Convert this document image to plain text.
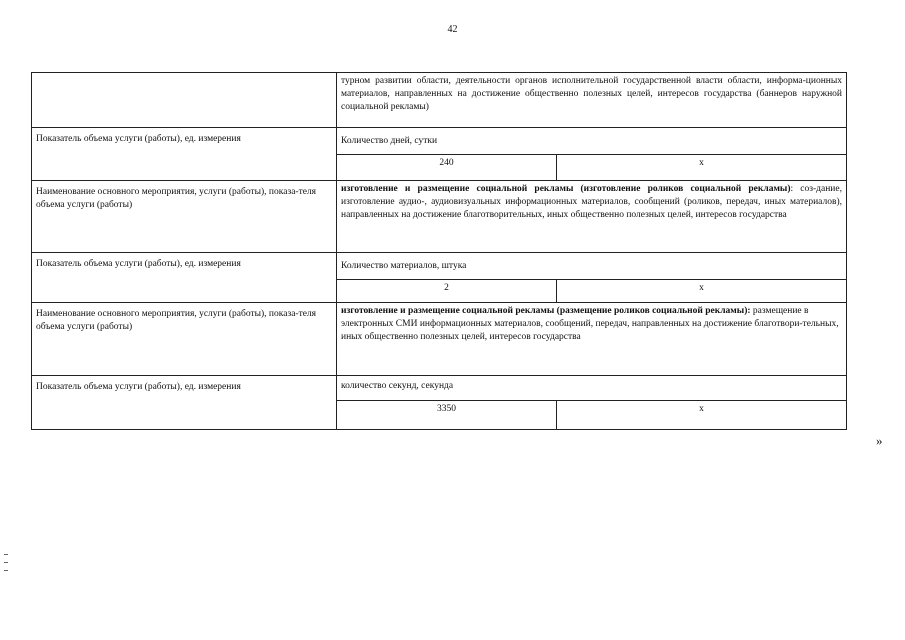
42
	турном развитии области, деятельности органов исполнительной государственной власти области, информа-ционных материалов, направленных на достижение общественно полезных целей, интересов государства (баннеров наружной социальной рекламы)	
Показатель объема услуги (работы), ед. измерения	Количество дней, сутки	
	240	х
Наименование основного мероприятия, услуги (работы), показа-теля объема услуги (работы)	изготовление и размещение социальной рекламы (изготовление роликов социальной рекламы): соз-дание, изготовление аудио-, аудиовизуальных информационных материалов, сообщений (роликов, передач, иных материалов), направленных на достижение благотворительных, иных общественно полезных целей, интересов государства	
Показатель объема услуги (работы), ед. измерения	Количество материалов, штука	
	2	х
Наименование основного мероприятия, услуги (работы), показа-теля объема услуги (работы)	изготовление и размещение социальной рекламы (размещение роликов социальной рекламы): размещение в электронных СМИ информационных материалов, сообщений, передач, направленных на достижение благотвори-тельных, иных общественно полезных целей, интересов государства	
Показатель объема услуги (работы), ед. измерения	количество секунд, секунда	
	3350	х
»
